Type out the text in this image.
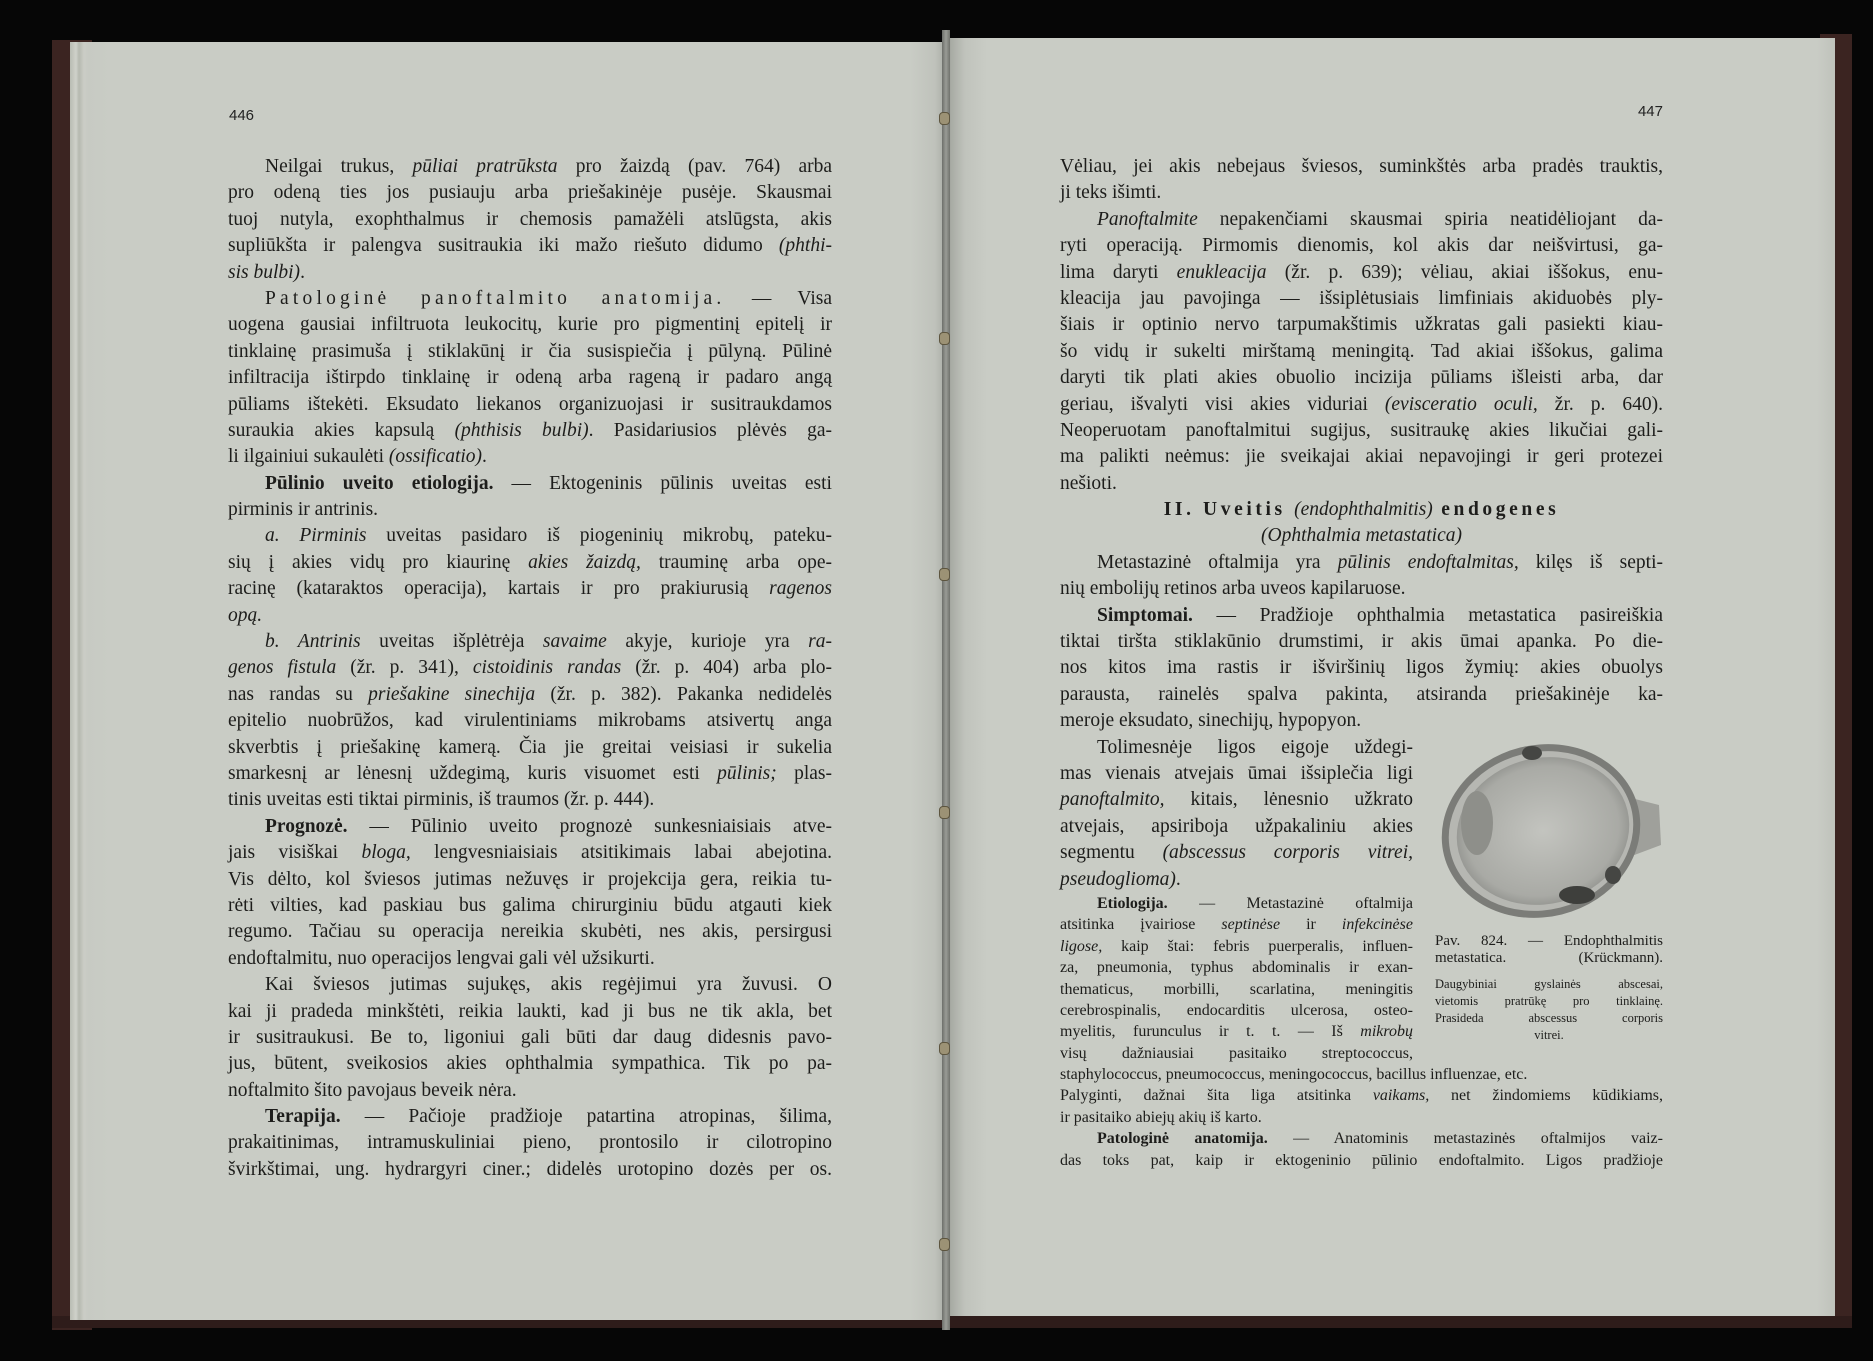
446	447
Neilgai trukus, pūliai pratrūksta pro žaizdą (pav. 764) arba
pro odeną ties jos pusiauju arba priešakinėje pusėje. Skausmai
tuoj nutyla, exophthalmus ir chemosis pamažėli atslūgsta, akis
supliūkšta ir palengva susitraukia iki mažo riešuto didumo (phthi-
sis bulbi).
Patologinė panoftalmito anatomija. — Visa
uogena gausiai infiltruota leukocitų, kurie pro pigmentinį epitelį ir
tinklainę prasimuša į stiklakūnį ir čia susispiečia į pūlyną. Pūlinė
infiltracija ištirpdo tinklainę ir odeną arba rageną ir padaro angą
pūliams ištekėti. Eksudato liekanos organizuojasi ir susitraukdamos
suraukia akies kapsulą (phthisis bulbi). Pasidariusios plėvės ga-
li ilgainiui sukaulėti (ossificatio).
Pūlinio uveito etiologija. — Ektogeninis pūlinis uveitas esti
pirminis ir antrinis.
a. Pirminis uveitas pasidaro iš piogeninių mikrobų, pateku-
sių į akies vidų pro kiaurinę akies žaizdą, trauminę arba ope-
racinę (kataraktos operacija), kartais ir pro prakiurusią ragenos
opą.
b. Antrinis uveitas išplėtrėja savaime akyje, kurioje yra ra-
genos fistula (žr. p. 341), cistoidinis randas (žr. p. 404) arba plo-
nas randas su priešakine sinechija (žr. p. 382). Pakanka nedidelės
epitelio nuobrūžos, kad virulentiniams mikrobams atsivertų anga
skverbtis į priešakinę kamerą. Čia jie greitai veisiasi ir sukelia
smarkesnį ar lėnesnį uždegimą, kuris visuomet esti pūlinis; plas-
tinis uveitas esti tiktai pirminis, iš traumos (žr. p. 444).
Prognozė. — Pūlinio uveito prognozė sunkesniaisiais atve-
jais visiškai bloga, lengvesniaisiais atsitikimais labai abejotina.
Vis dėlto, kol šviesos jutimas nežuvęs ir projekcija gera, reikia tu-
rėti vilties, kad paskiau bus galima chirurginiu būdu atgauti kiek
regumo. Tačiau su operacija nereikia skubėti, nes akis, persirgusi
endoftalmitu, nuo operacijos lengvai gali vėl užsikurti.
Kai šviesos jutimas sujukęs, akis regėjimui yra žuvusi. O
kai ji pradeda minkštėti, reikia laukti, kad ji bus ne tik akla, bet
ir susitraukusi. Be to, ligoniui gali būti dar daug didesnis pavo-
jus, būtent, sveikosios akies ophthalmia sympathica. Tik po pa-
noftalmito šito pavojaus beveik nėra.
Terapija. — Pačioje pradžioje patartina atropinas, šilima,
prakaitinimas, intramuskuliniai pieno, prontosilo ir cilotropino
švirkštimai, ung. hydrargyri ciner.; didelės urotopino dozės per os.
Vėliau, jei akis nebejaus šviesos, suminkštės arba pradės trauktis,
ji teks išimti.
Panoftalmite nepakenčiami skausmai spiria neatidėliojant da-
ryti operaciją. Pirmomis dienomis, kol akis dar neišvirtusi, ga-
lima daryti enukleacija (žr. p. 639); vėliau, akiai iššokus, enu-
kleacija jau pavojinga — išsiplėtusiais limfiniais akiduobės ply-
šiais ir optinio nervo tarpumakštimis užkratas gali pasiekti kiau-
šo vidų ir sukelti mirštamą meningitą. Tad akiai iššokus, galima
daryti tik plati akies obuolio incizija pūliams išleisti arba, dar
geriau, išvalyti visi akies viduriai (evisceratio oculi, žr. p. 640).
Neoperuotam panoftalmitui sugijus, susitraukę akies likučiai gali-
ma palikti neėmus: jie sveikajai akiai nepavojingi ir geri protezei
nešioti.
II. Uveitis (endophthalmitis) endogenes
(Ophthalmia metastatica)
Metastazinė oftalmija yra pūlinis endoftalmitas, kilęs iš septi-
nių embolijų retinos arba uveos kapilaruose.
Simptomai. — Pradžioje ophthalmia metastatica pasireiškia
tiktai tiršta stiklakūnio drumstimi, ir akis ūmai apanka. Po die-
nos kitos ima rastis ir išviršinių ligos žymių: akies obuolys
parausta, rainelės spalva pakinta, atsiranda priešakinėje ka-
meroje eksudato, sinechijų, hypopyon.
Pav. 824. — Endophthalmitis
metastatica. (Krückmann).
Daugybiniai gyslainės abscesai,
vietomis pratrūkę pro tinklainę.
Prasideda abscessus corporis
vitrei.
Tolimesnėje ligos eigoje uždegi-
mas vienais atvejais ūmai išsiplečia ligi
panoftalmito, kitais, lėnesnio užkrato
atvejais, apsiriboja užpakaliniu akies
segmentu (abscessus corporis vitrei,
pseudoglioma).
Etiologija. — Metastazinė oftalmija
atsitinka įvairiose septinėse ir infekcinėse
ligose, kaip štai: febris puerperalis, influen-
za, pneumonia, typhus abdominalis ir exan-
thematicus, morbilli, scarlatina, meningitis
cerebrospinalis, endocarditis ulcerosa, osteo-
myelitis, furunculus ir t. t. — Iš mikrobų
visų dažniausiai pasitaiko streptococcus,
staphylococcus, pneumococcus, meningococcus, bacillus influenzae, etc.
Palyginti, dažnai šita liga atsitinka vaikams, net žindomiems kūdikiams,
ir pasitaiko abiejų akių iš karto.
Patologinė anatomija. — Anatominis metastazinės oftalmijos vaiz-
das toks pat, kaip ir ektogeninio pūlinio endoftalmito. Ligos pradžioje
